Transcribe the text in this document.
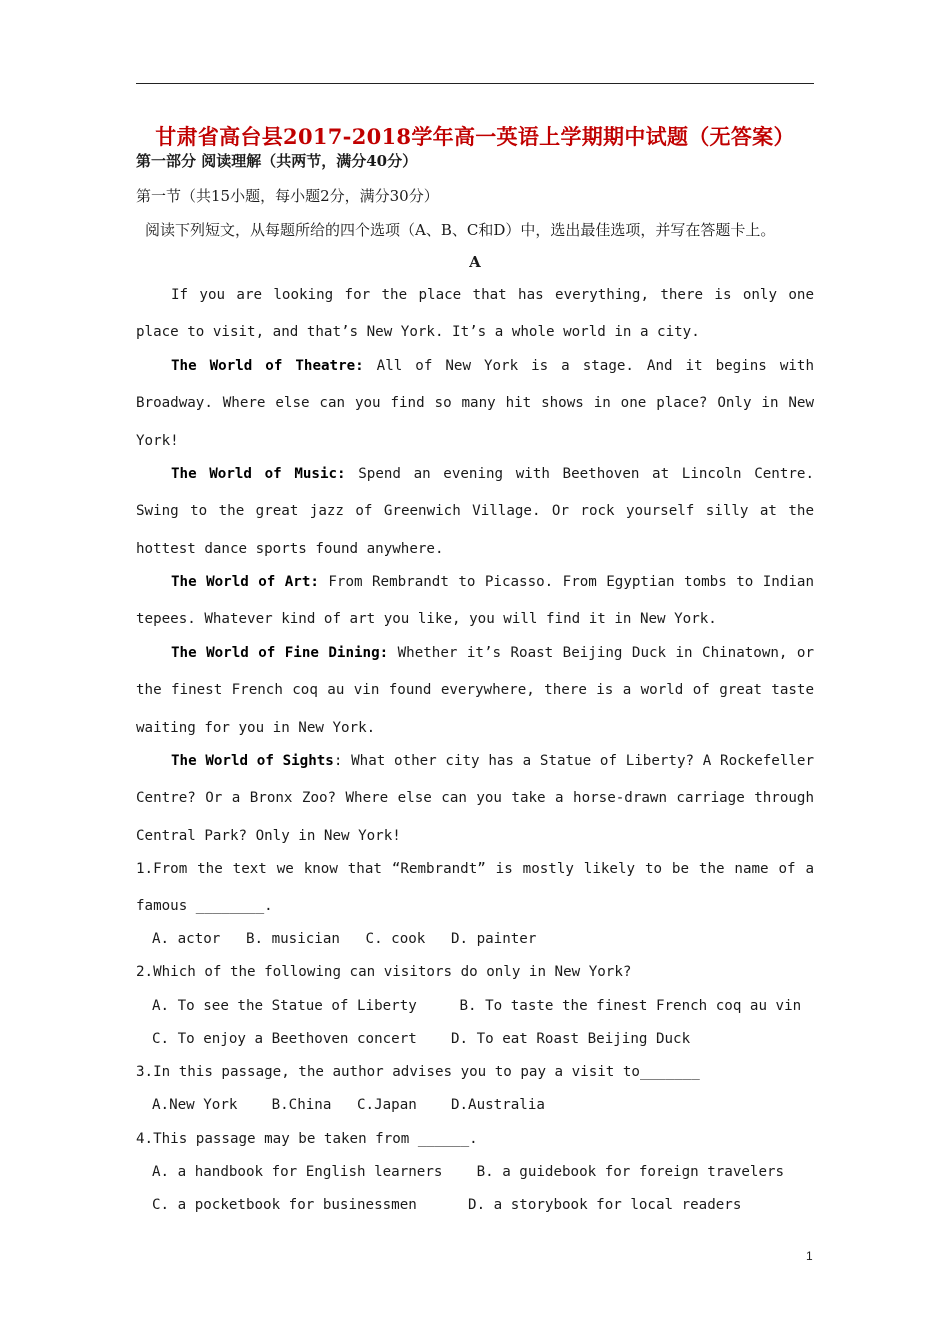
甘肃省高台县2017-2018学年高一英语上学期期中试题（无答案）
第一部分 阅读理解（共两节，满分40分）
第一节（共15小题，每小题2分，满分30分）
阅读下列短文，从每题所给的四个选项（A、B、C和D）中，选出最佳选项，并写在答题卡上。
A

If you are looking for the place that has everything, there is only one place to visit, and that’s New York. It’s a whole world in a city.

The World of Theatre: All of New York is a stage. And it begins with Broadway. Where else can you find so many hit shows in one place? Only in New York!

The World of Music: Spend an evening with Beethoven at Lincoln Centre. Swing to the great jazz of Greenwich Village. Or rock yourself silly at the hottest dance sports found anywhere.

The World of Art: From Rembrandt to Picasso. From Egyptian tombs to Indian tepees. Whatever kind of art you like, you will find it in New York.

The World of Fine Dining: Whether it’s Roast Beijing Duck in Chinatown, or the finest French coq au vin found everywhere, there is a world of great taste waiting for you in New York.

The World of Sights: What other city has a Statue of Liberty? A Rockefeller Centre? Or a Bronx Zoo? Where else can you take a horse-drawn carriage through Central Park? Only in New York!

1.From the text we know that “Rembrandt” is mostly likely to be the name of a famous ________.

A. actor   B. musician   C. cook   D. painter

2.Which of the following can visitors do only in New York?

A. To see the Statue of Liberty     B. To taste the finest French coq au vin
C. To enjoy a Beethoven concert    D. To eat Roast Beijing Duck

3.In this passage, the author advises you to pay a visit to_______

A.New York    B.China   C.Japan    D.Australia

4.This passage may be taken from ______.

A. a handbook for English learners    B. a guidebook for foreign travelers
C. a pocketbook for businessmen      D. a storybook for local readers
1
